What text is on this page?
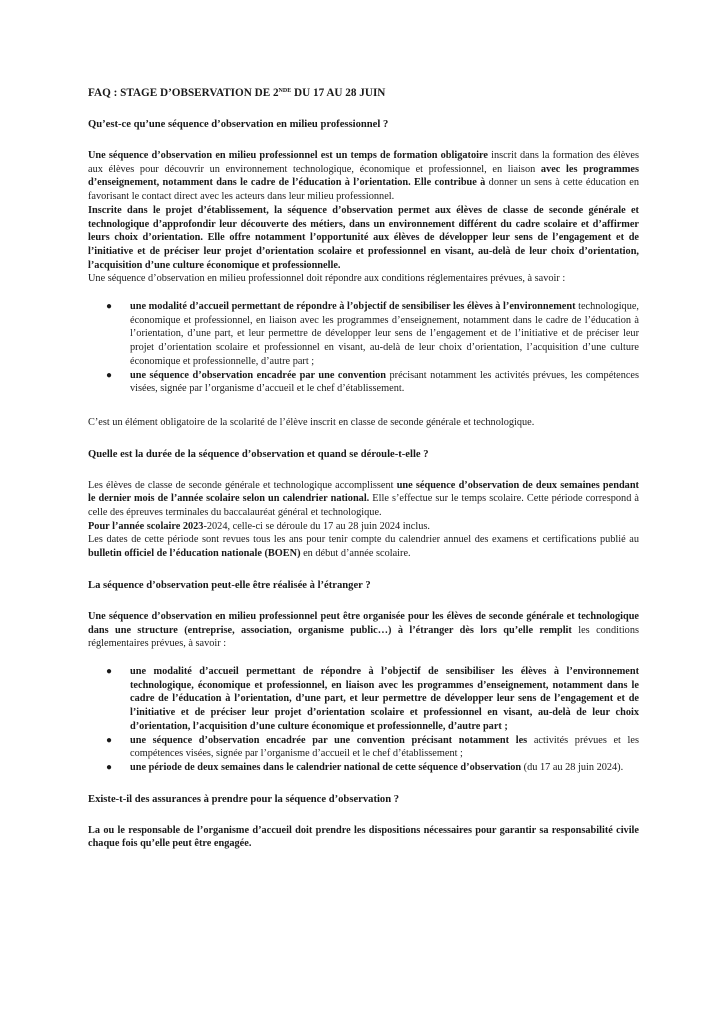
FAQ : STAGE D’OBSERVATION DE 2NDE DU 17 AU 28 JUIN
Qu’est-ce qu’une séquence d’observation en milieu professionnel ?
Une séquence d’observation en milieu professionnel est un temps de formation obligatoire inscrit dans la formation des élèves aux élèves pour découvrir un environnement technologique, économique et professionnel, en liaison avec les programmes d’enseignement, notamment dans le cadre de l’éducation à l’orientation. Elle contribue à donner un sens à cette éducation en favorisant le contact direct avec les acteurs dans leur milieu professionnel.
Inscrite dans le projet d’établissement, la séquence d’observation permet aux élèves de classe de seconde générale et technologique d’approfondir leur découverte des métiers, dans un environnement différent du cadre scolaire et d’affirmer leurs choix d’orientation. Elle offre notamment l’opportunité aux élèves de développer leur sens de l’engagement et de l’initiative et de préciser leur projet d’orientation scolaire et professionnel en visant, au-delà de leur choix d’orientation, l’acquisition d’une culture économique et professionnelle.
Une séquence d’observation en milieu professionnel doit répondre aux conditions réglementaires prévues, à savoir :
● une modalité d’accueil permettant de répondre à l’objectif de sensibiliser les élèves à l’environnement technologique, économique et professionnel, en liaison avec les programmes d’enseignement, notamment dans le cadre de l’éducation à l’orientation, d’une part, et leur permettre de développer leur sens de l’engagement et de l’initiative et de préciser leur projet d’orientation scolaire et professionnel en visant, au-delà de leur choix d’orientation, l’acquisition d’une culture économique et professionnelle, d’autre part ;
● une séquence d’observation encadrée par une convention précisant notamment les activités prévues, les compétences visées, signée par l’organisme d’accueil et le chef d’établissement.
C’est un élément obligatoire de la scolarité de l’élève inscrit en classe de seconde générale et technologique.
Quelle est la durée de la séquence d’observation et quand se déroule-t-elle ?
Les élèves de classe de seconde générale et technologique accomplissent une séquence d’observation de deux semaines pendant le dernier mois de l’année scolaire selon un calendrier national. Elle s’effectue sur le temps scolaire. Cette période correspond à celle des épreuves terminales du baccalauréat général et technologique.
Pour l’année scolaire 2023-2024, celle-ci se déroule du 17 au 28 juin 2024 inclus.
Les dates de cette période sont revues tous les ans pour tenir compte du calendrier annuel des examens et certifications publié au bulletin officiel de l’éducation nationale (BOEN) en début d’année scolaire.
La séquence d’observation peut-elle être réalisée à l’étranger ?
Une séquence d’observation en milieu professionnel peut être organisée pour les élèves de seconde générale et technologique dans une structure (entreprise, association, organisme public…) à l’étranger dès lors qu’elle remplit les conditions réglementaires prévues, à savoir :
● une modalité d’accueil permettant de répondre à l’objectif de sensibiliser les élèves à l’environnement technologique, économique et professionnel, en liaison avec les programmes d’enseignement, notamment dans le cadre de l’éducation à l’orientation, d’une part, et leur permettre de développer leur sens de l’engagement et de l’initiative et de préciser leur projet d’orientation scolaire et professionnel en visant, au-delà de leur choix d’orientation, l’acquisition d’une culture économique et professionnelle, d’autre part ;
● une séquence d’observation encadrée par une convention précisant notamment les activités prévues et les compétences visées, signée par l’organisme d’accueil et le chef d’établissement ;
● une période de deux semaines dans le calendrier national de cette séquence d’observation (du 17 au 28 juin 2024).
Existe-t-il des assurances à prendre pour la séquence d’observation ?
La ou le responsable de l’organisme d’accueil doit prendre les dispositions nécessaires pour garantir sa responsabilité civile chaque fois qu’elle peut être engagée.
